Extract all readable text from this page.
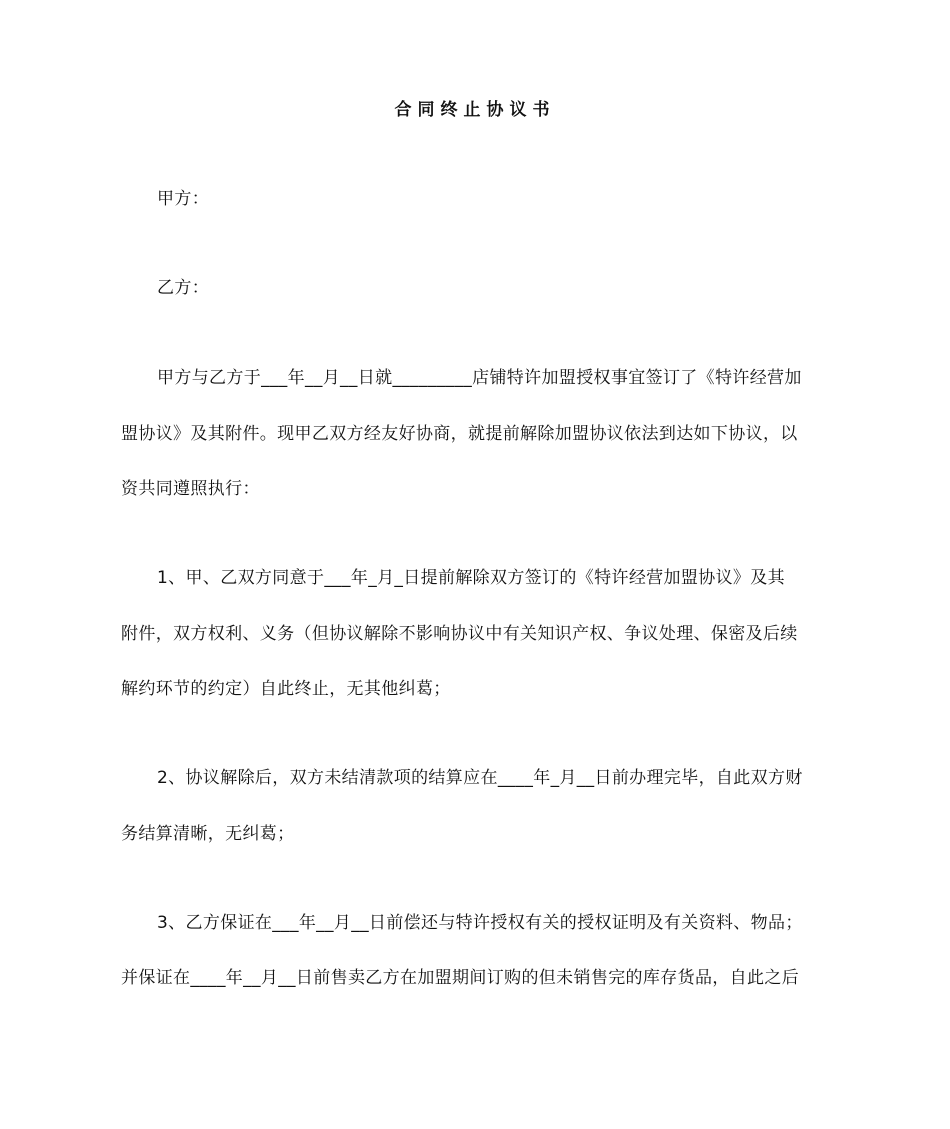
合同终止协议书
甲方：
乙方：
甲方与乙方于___年__月__日就_________店铺特许加盟授权事宜签订了《特许经营加
盟协议》及其附件。现甲乙双方经友好协商，就提前解除加盟协议依法到达如下协议，以
资共同遵照执行：
1、甲、乙双方同意于___年_月_日提前解除双方签订的《特许经营加盟协议》及其
附件，双方权利、义务（但协议解除不影响协议中有关知识产权、争议处理、保密及后续
解约环节的约定）自此终止，无其他纠葛；
2、协议解除后，双方未结清款项的结算应在____年_月__日前办理完毕，自此双方财
务结算清晰，无纠葛；
3、乙方保证在___年__月__日前偿还与特许授权有关的授权证明及有关资料、物品；
并保证在____年__月__日前售卖乙方在加盟期间订购的但未销售完的库存货品，自此之后
